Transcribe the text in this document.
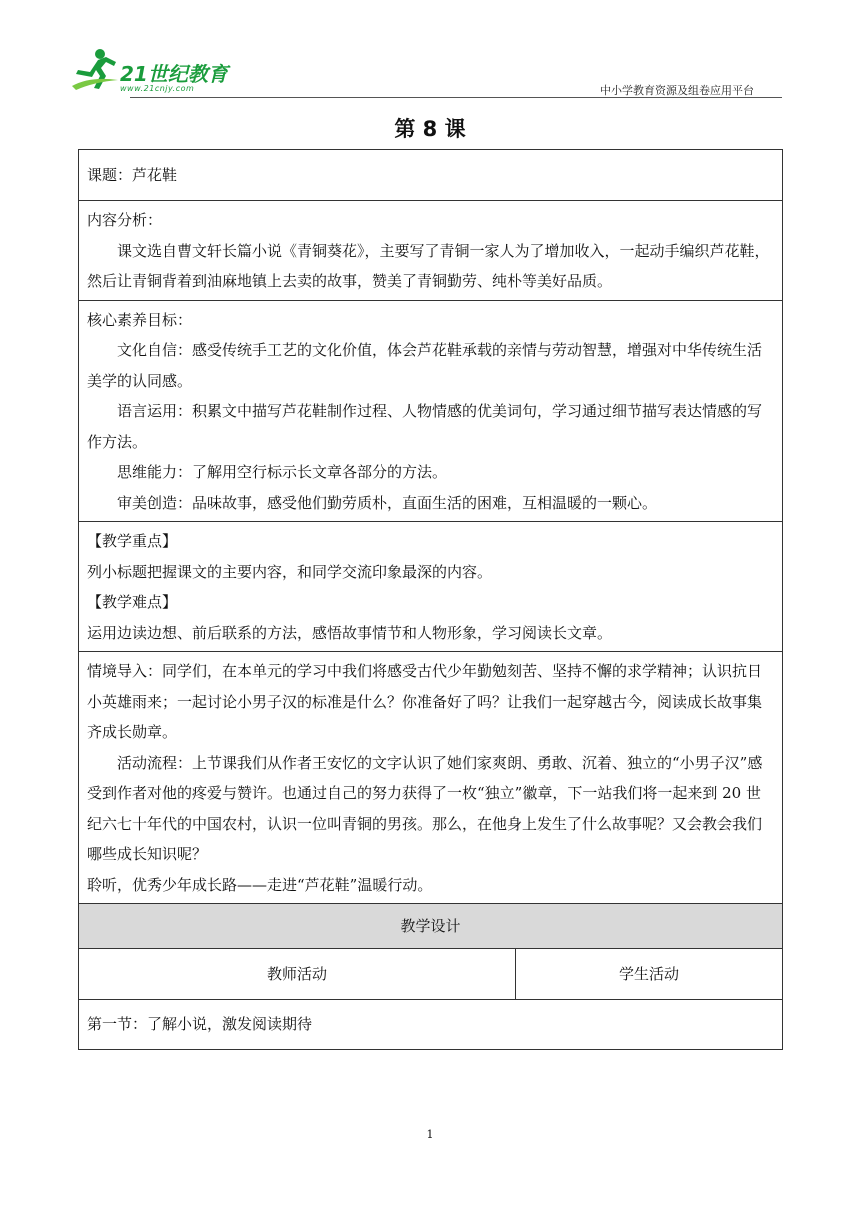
21世纪教育
www.21cnjy.com	中小学教育资源及组卷应用平台
第 8 课

课题：芦花鞋

内容分析：

课文选自曹文轩长篇小说《青铜葵花》，主要写了青铜一家人为了增加收入，一起动手编织芦花鞋，然后让青铜背着到油麻地镇上去卖的故事，赞美了青铜勤劳、纯朴等美好品质。

核心素养目标：

文化自信：感受传统手工艺的文化价值，体会芦花鞋承载的亲情与劳动智慧，增强对中华传统生活美学的认同感。

语言运用：积累文中描写芦花鞋制作过程、人物情感的优美词句，学习通过细节描写表达情感的写作方法。

思维能力：了解用空行标示长文章各部分的方法。

审美创造：品味故事，感受他们勤劳质朴，直面生活的困难，互相温暖的一颗心。

【教学重点】

列小标题把握课文的主要内容，和同学交流印象最深的内容。

【教学难点】

运用边读边想、前后联系的方法，感悟故事情节和人物形象，学习阅读长文章。

情境导入：同学们，在本单元的学习中我们将感受古代少年勤勉刻苦、坚持不懈的求学精神；认识抗日小英雄雨来；一起讨论小男子汉的标准是什么？你准备好了吗？让我们一起穿越古今，阅读成长故事集齐成长勋章。

活动流程：上节课我们从作者王安忆的文字认识了她们家爽朗、勇敢、沉着、独立的“小男子汉”感受到作者对他的疼爱与赞许。也通过自己的努力获得了一枚“独立”徽章，下一站我们将一起来到 20 世纪六七十年代的中国农村，认识一位叫青铜的男孩。那么，在他身上发生了什么故事呢？又会教会我们哪些成长知识呢？

聆听，优秀少年成长路——走进“芦花鞋”温暖行动。

教学设计
教师活动	学生活动
第一节：了解小说，激发阅读期待
1
